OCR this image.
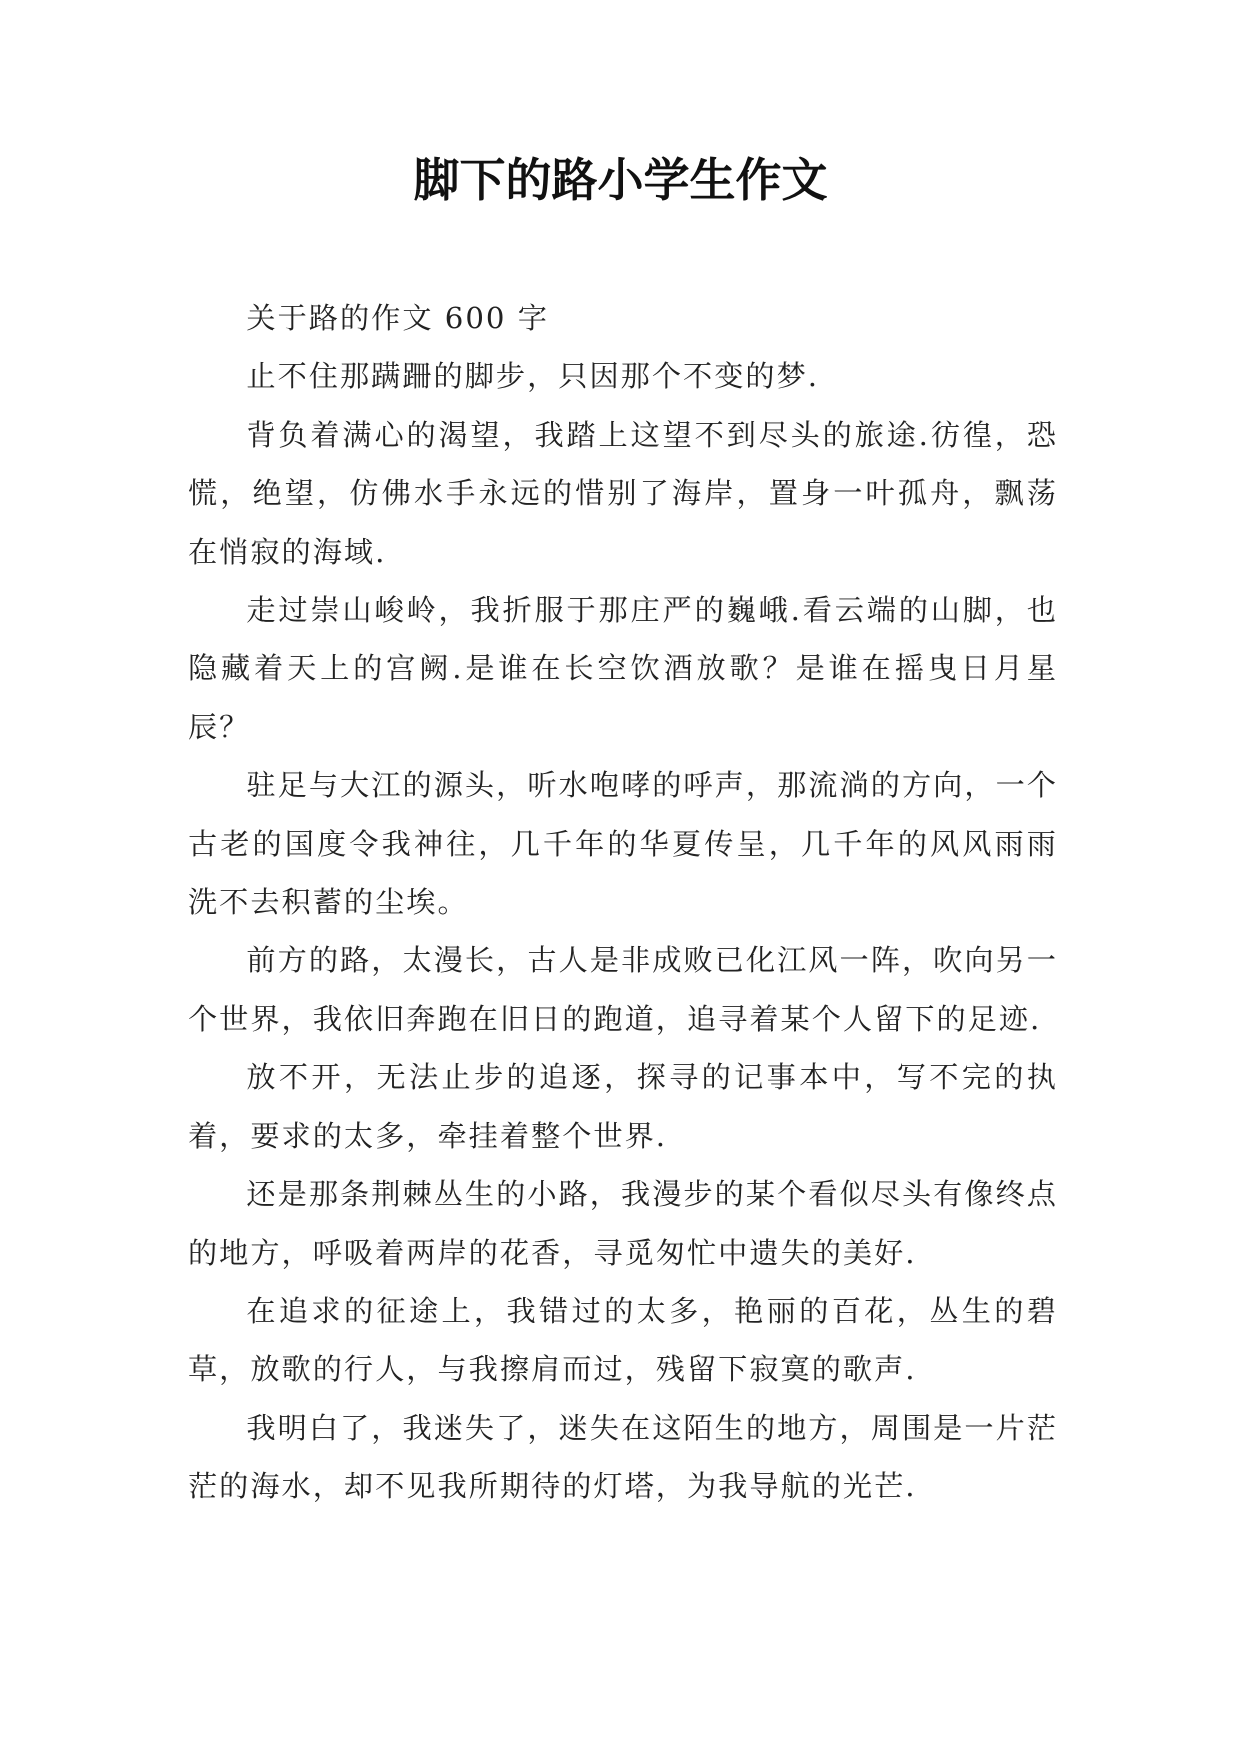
脚下的路小学生作文

关于路的作文 600 字

止不住那蹒跚的脚步，只因那个不变的梦.

背负着满心的渴望，我踏上这望不到尽头的旅途.彷徨，恐慌，绝望，仿佛水手永远的惜别了海岸，置身一叶孤舟，飘荡在悄寂的海域.

走过崇山峻岭，我折服于那庄严的巍峨.看云端的山脚，也隐藏着天上的宫阙.是谁在长空饮酒放歌？是谁在摇曳日月星辰？

驻足与大江的源头，听水咆哮的呼声，那流淌的方向，一个古老的国度令我神往，几千年的华夏传呈，几千年的风风雨雨洗不去积蓄的尘埃。

前方的路，太漫长，古人是非成败已化江风一阵，吹向另一个世界，我依旧奔跑在旧日的跑道，追寻着某个人留下的足迹.

放不开，无法止步的追逐，探寻的记事本中，写不完的执着，要求的太多，牵挂着整个世界.

还是那条荆棘丛生的小路，我漫步的某个看似尽头有像终点的地方，呼吸着两岸的花香，寻觅匆忙中遗失的美好.

在追求的征途上，我错过的太多，艳丽的百花，丛生的碧草，放歌的行人，与我擦肩而过，残留下寂寞的歌声.

我明白了，我迷失了，迷失在这陌生的地方，周围是一片茫茫的海水，却不见我所期待的灯塔，为我导航的光芒.
